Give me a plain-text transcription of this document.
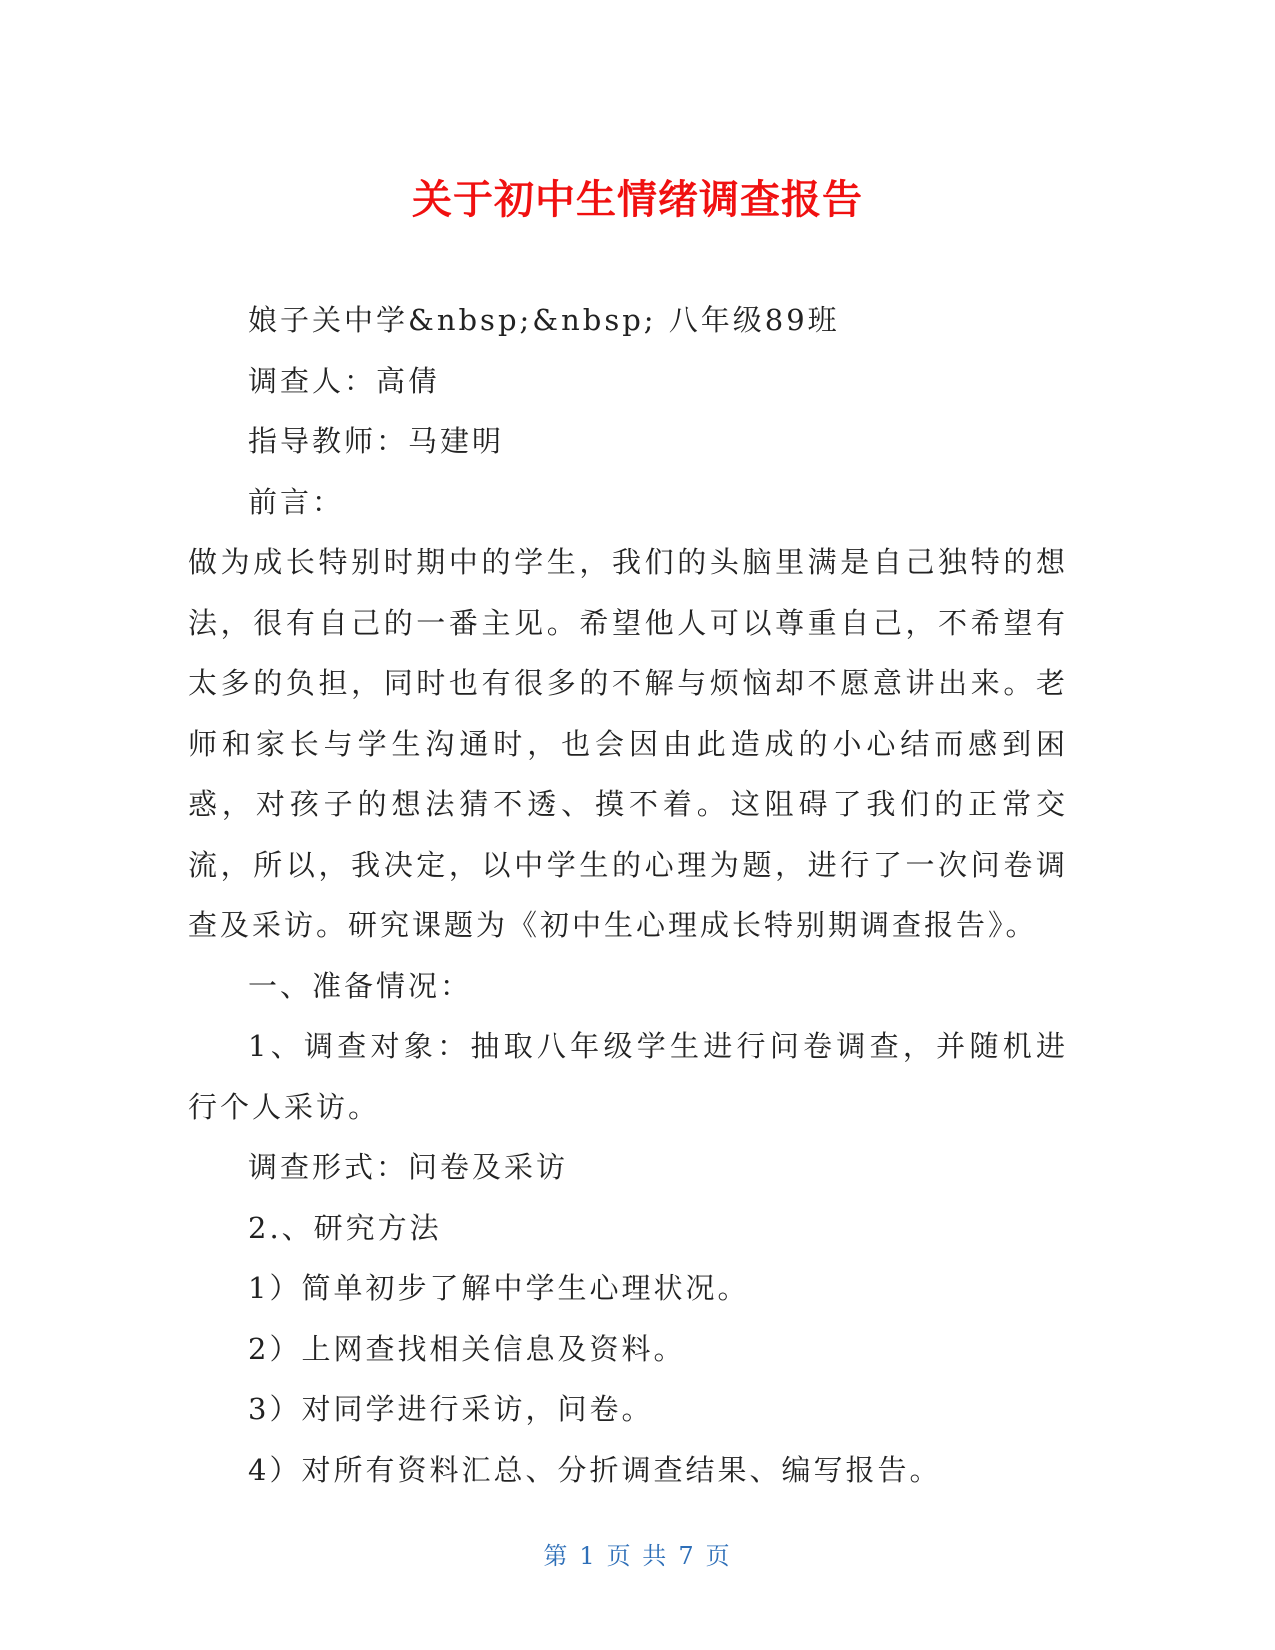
关于初中生情绪调查报告

娘子关中学&nbsp;&nbsp; 八年级89班

调查人：高倩

指导教师：马建明

前言：

做为成长特别时期中的学生，我们的头脑里满是自己独特的想法，很有自己的一番主见。希望他人可以尊重自己，不希望有太多的负担，同时也有很多的不解与烦恼却不愿意讲出来。老师和家长与学生沟通时，也会因由此造成的小心结而感到困惑，对孩子的想法猜不透、摸不着。这阻碍了我们的正常交流，所以，我决定，以中学生的心理为题，进行了一次问卷调查及采访。研究课题为《初中生心理成长特别期调查报告》。

一、准备情况：

1、调查对象：抽取八年级学生进行问卷调查，并随机进行个人采访。

调查形式：问卷及采访

2.、研究方法

1）简单初步了解中学生心理状况。

2）上网查找相关信息及资料。

3）对同学进行采访，问卷。

4）对所有资料汇总、分折调查结果、编写报告。

第 1 页 共 7 页
